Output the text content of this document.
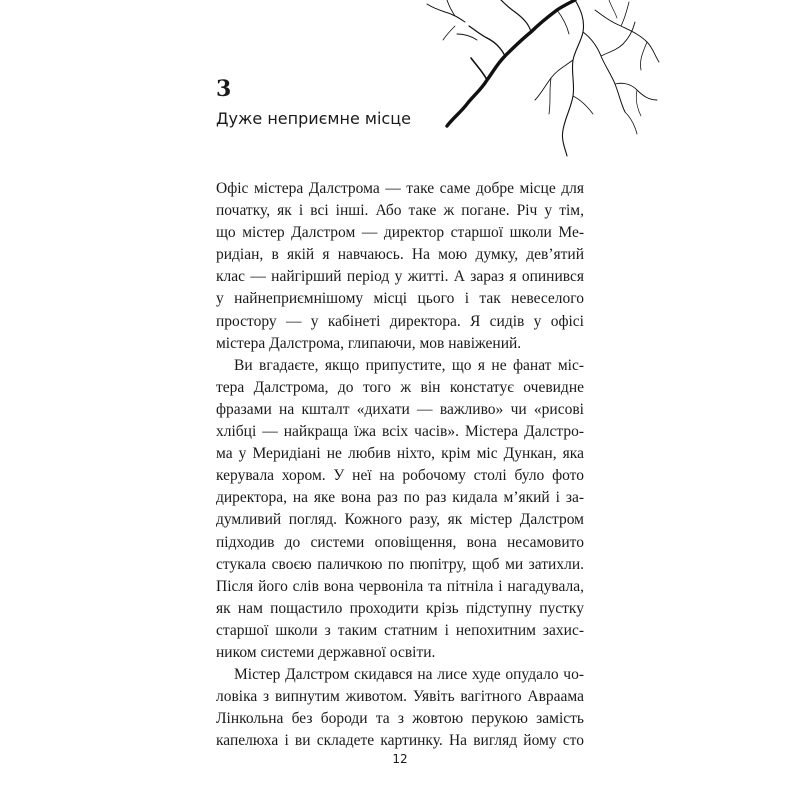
3
Дуже неприємне місце
Офіс містера Далстрома — таке саме добре місце для
початку, як і всі інші. Або таке ж погане. Річ у тім,
що містер Далстром — директор старшої школи Ме-
ридіан, в якій я навчаюсь. На мою думку, дев’ятий
клас — найгірший період у житті. А зараз я опинився
у найнеприємнішому місці цього і так невеселого
простору — у кабінеті директора. Я сидів у офісі
містера Далстрома, глипаючи, мов навіжений.
Ви вгадаєте, якщо припустите, що я не фанат міс-
тера Далстрома, до того ж він констатує очевидне
фразами на кшталт «дихати — важливо» чи «рисові
хлібці — найкраща їжа всіх часів». Містера Далстро-
ма у Меридіані не любив ніхто, крім міс Дункан, яка
керувала хором. У неї на робочому столі було фото
директора, на яке вона раз по раз кидала м’який і за-
думливий погляд. Кожного разу, як містер Далстром
підходив до системи оповіщення, вона несамовито
стукала своєю паличкою по пюпітру, щоб ми затихли.
Після його слів вона червоніла та пітніла і нагадувала,
як нам пощастило проходити крізь підступну пустку
старшої школи з таким статним і непохитним захис-
ником системи державної освіти.
Містер Далстром скидався на лисе худе опудало чо-
ловіка з випнутим животом. Уявіть вагітного Авраама
Лінкольна без бороди та з жовтою перукою замість
капелюха і ви складете картинку. На вигляд йому сто
12
